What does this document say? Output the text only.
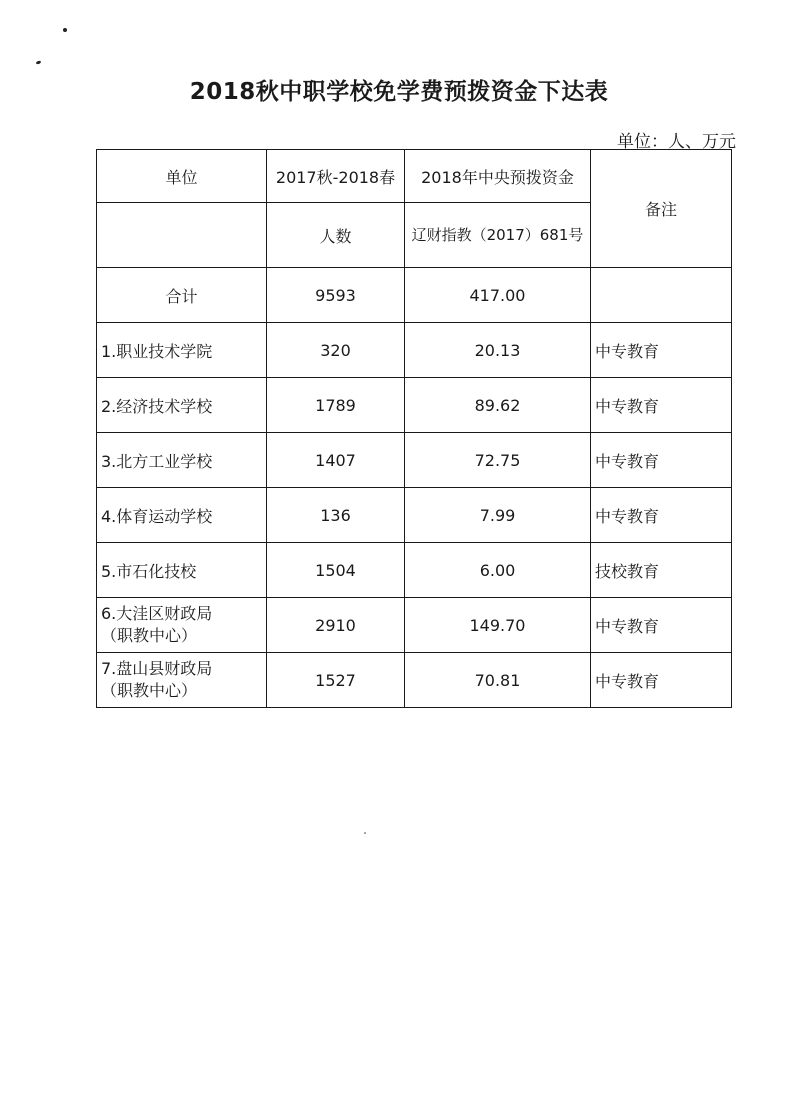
2018秋中职学校免学费预拨资金下达表
单位：人、万元
单位	2017秋-2018春	2018年中央预拨资金	备注
	人数	辽财指教（2017）681号	
合计	9593	417.00	
1.职业技术学院	320	20.13	中专教育
2.经济技术学校	1789	89.62	中专教育
3.北方工业学校	1407	72.75	中专教育
4.体育运动学校	136	7.99	中专教育
5.市石化技校	1504	6.00	技校教育

6.大洼区财政局
（职教中心）	2910	149.70	中专教育

7.盘山县财政局
（职教中心）	1527	70.81	中专教育
